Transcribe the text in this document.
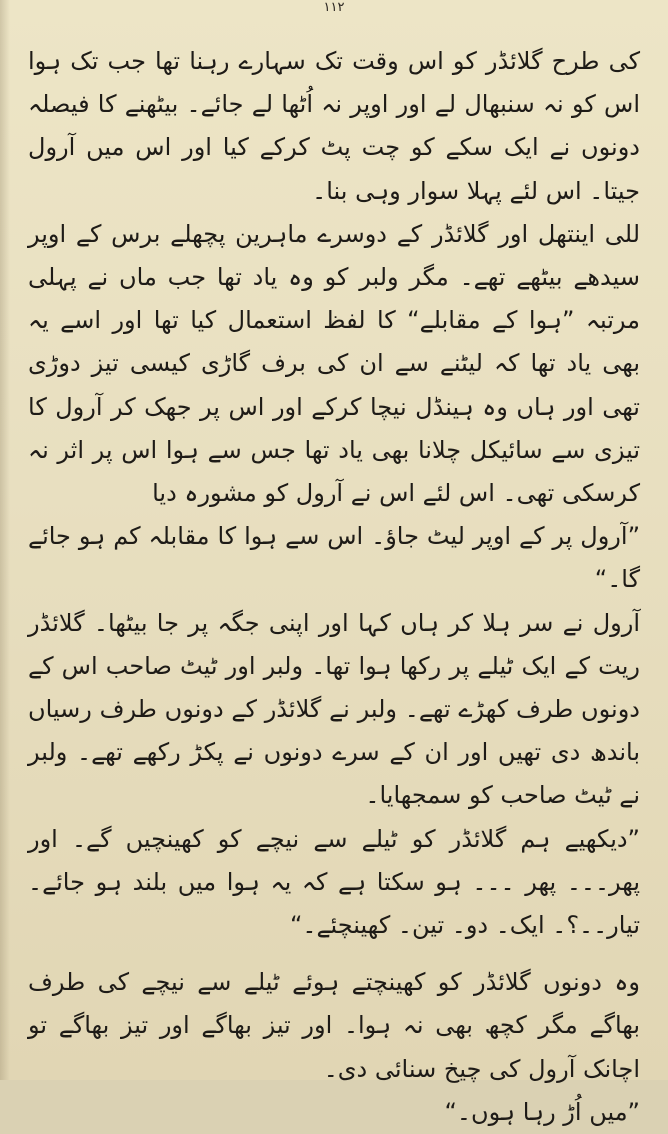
۱۱۲

کی طرح گلائڈر کو اس وقت تک سہارے رہنا تھا جب تک ہوا اس کو نہ سنبھال لے اور اوپر نہ اُٹھا لے جائے۔ بیٹھنے کا فیصلہ دونوں نے ایک سکے کو چت پٹ کرکے کیا اور اس میں آرول جیتا۔ اس لئے پہلا سوار وہی بنا۔

للی اینتھل اور گلائڈر کے دوسرے ماہرین پچھلے برس کے اوپر سیدھے بیٹھے تھے۔ مگر ولبر کو وہ یاد تھا جب ماں نے پہلی مرتبہ ”ہوا کے مقابلے“ کا لفظ استعمال کیا تھا اور اسے یہ بھی یاد تھا کہ لیٹنے سے ان کی برف گاڑی کیسی تیز دوڑی تھی اور ہاں وہ ہینڈل نیچا کرکے اور اس پر جھک کر آرول کا تیزی سے سائیکل چلانا بھی یاد تھا جس سے ہوا اس پر اثر نہ کرسکی تھی۔ اس لئے اس نے آرول کو مشورہ دیا

”آرول پر کے اوپر لیٹ جاؤ۔ اس سے ہوا کا مقابلہ کم ہو جائے گا۔“

آرول نے سر ہلا کر ہاں کہا اور اپنی جگہ پر جا بیٹھا۔ گلائڈر ریت کے ایک ٹیلے پر رکھا ہوا تھا۔ ولبر اور ٹیٹ صاحب اس کے دونوں طرف کھڑے تھے۔ ولبر نے گلائڈر کے دونوں طرف رسیاں باندھ دی تھیں اور ان کے سرے دونوں نے پکڑ رکھے تھے۔ ولبر نے ٹیٹ صاحب کو سمجھایا۔

”دیکھیے ہم گلائڈر کو ٹیلے سے نیچے کو کھینچیں گے۔ اور پھر۔۔۔ پھر ۔۔۔ ہو سکتا ہے کہ یہ ہوا میں بلند ہو جائے۔ تیار۔۔؟۔ ایک۔ دو۔ تین۔ کھینچئے۔“

وہ دونوں گلائڈر کو کھینچتے ہوئے ٹیلے سے نیچے کی طرف بھاگے مگر کچھ بھی نہ ہوا۔ اور تیز بھاگے اور تیز بھاگے تو اچانک آرول کی چیخ سنائی دی۔

”میں اُڑ رہا ہوں۔“
